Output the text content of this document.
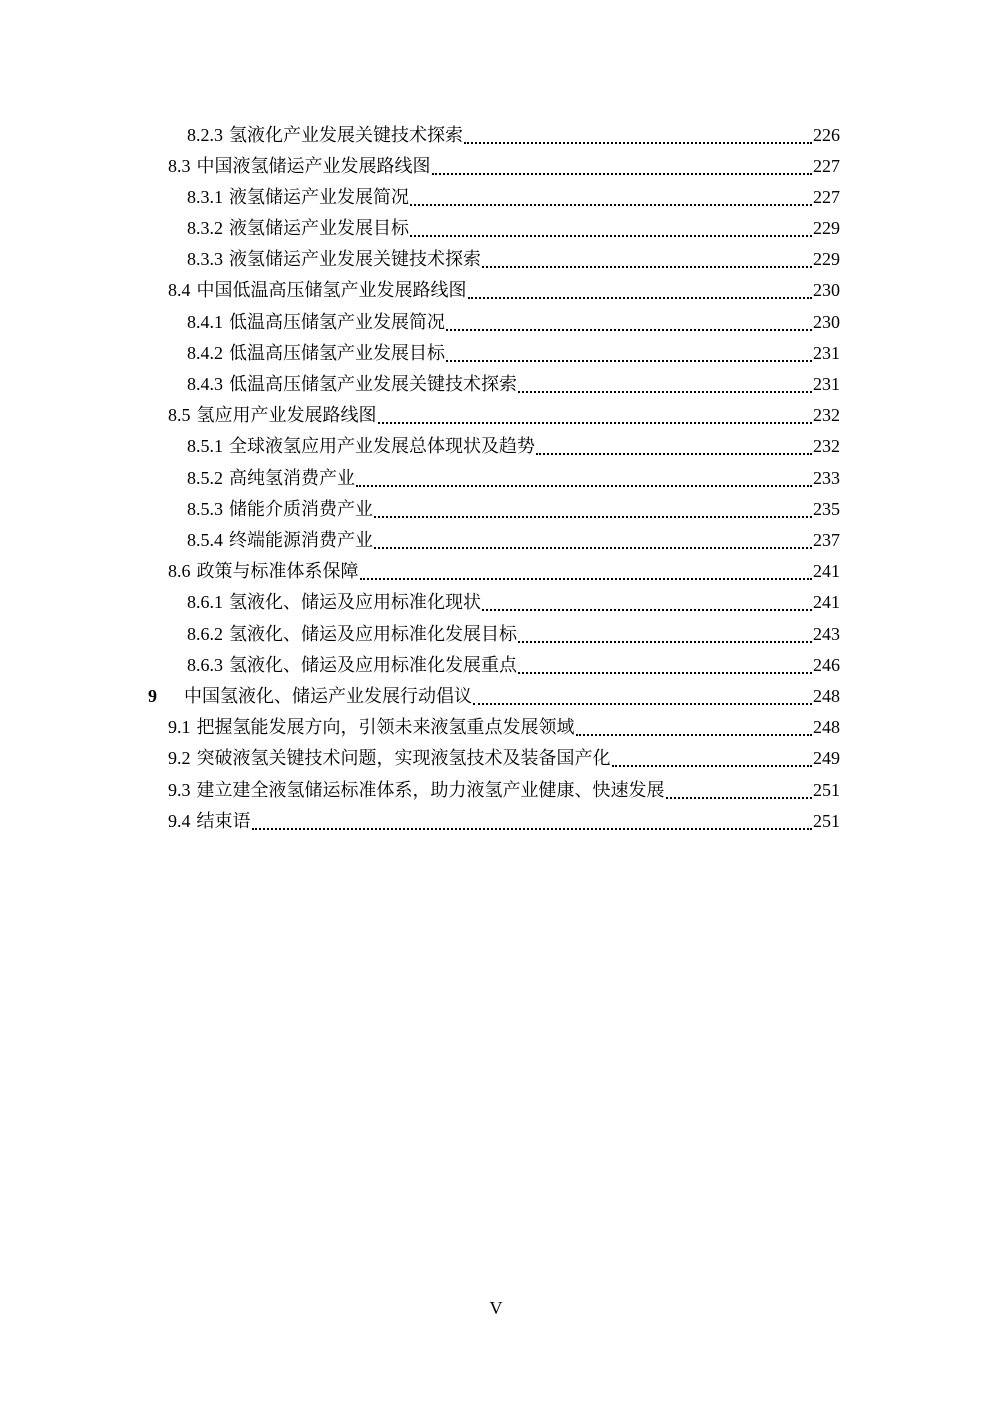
8.2.3 氢液化产业发展关键技术探索	226
8.3 中国液氢储运产业发展路线图	227
8.3.1 液氢储运产业发展简况	227
8.3.2 液氢储运产业发展目标	229
8.3.3 液氢储运产业发展关键技术探索	229
8.4 中国低温高压储氢产业发展路线图	230
8.4.1 低温高压储氢产业发展简况	230
8.4.2 低温高压储氢产业发展目标	231
8.4.3 低温高压储氢产业发展关键技术探索	231
8.5 氢应用产业发展路线图	232
8.5.1 全球液氢应用产业发展总体现状及趋势	232
8.5.2 高纯氢消费产业	233
8.5.3 储能介质消费产业	235
8.5.4 终端能源消费产业	237
8.6 政策与标准体系保障	241
8.6.1 氢液化、储运及应用标准化现状	241
8.6.2 氢液化、储运及应用标准化发展目标	243
8.6.3 氢液化、储运及应用标准化发展重点	246
9	中国氢液化、储运产业发展行动倡议	248
9.1 把握氢能发展方向，引领未来液氢重点发展领域	248
9.2 突破液氢关键技术问题，实现液氢技术及装备国产化	249
9.3 建立建全液氢储运标准体系，助力液氢产业健康、快速发展	251
9.4 结束语	251
V
